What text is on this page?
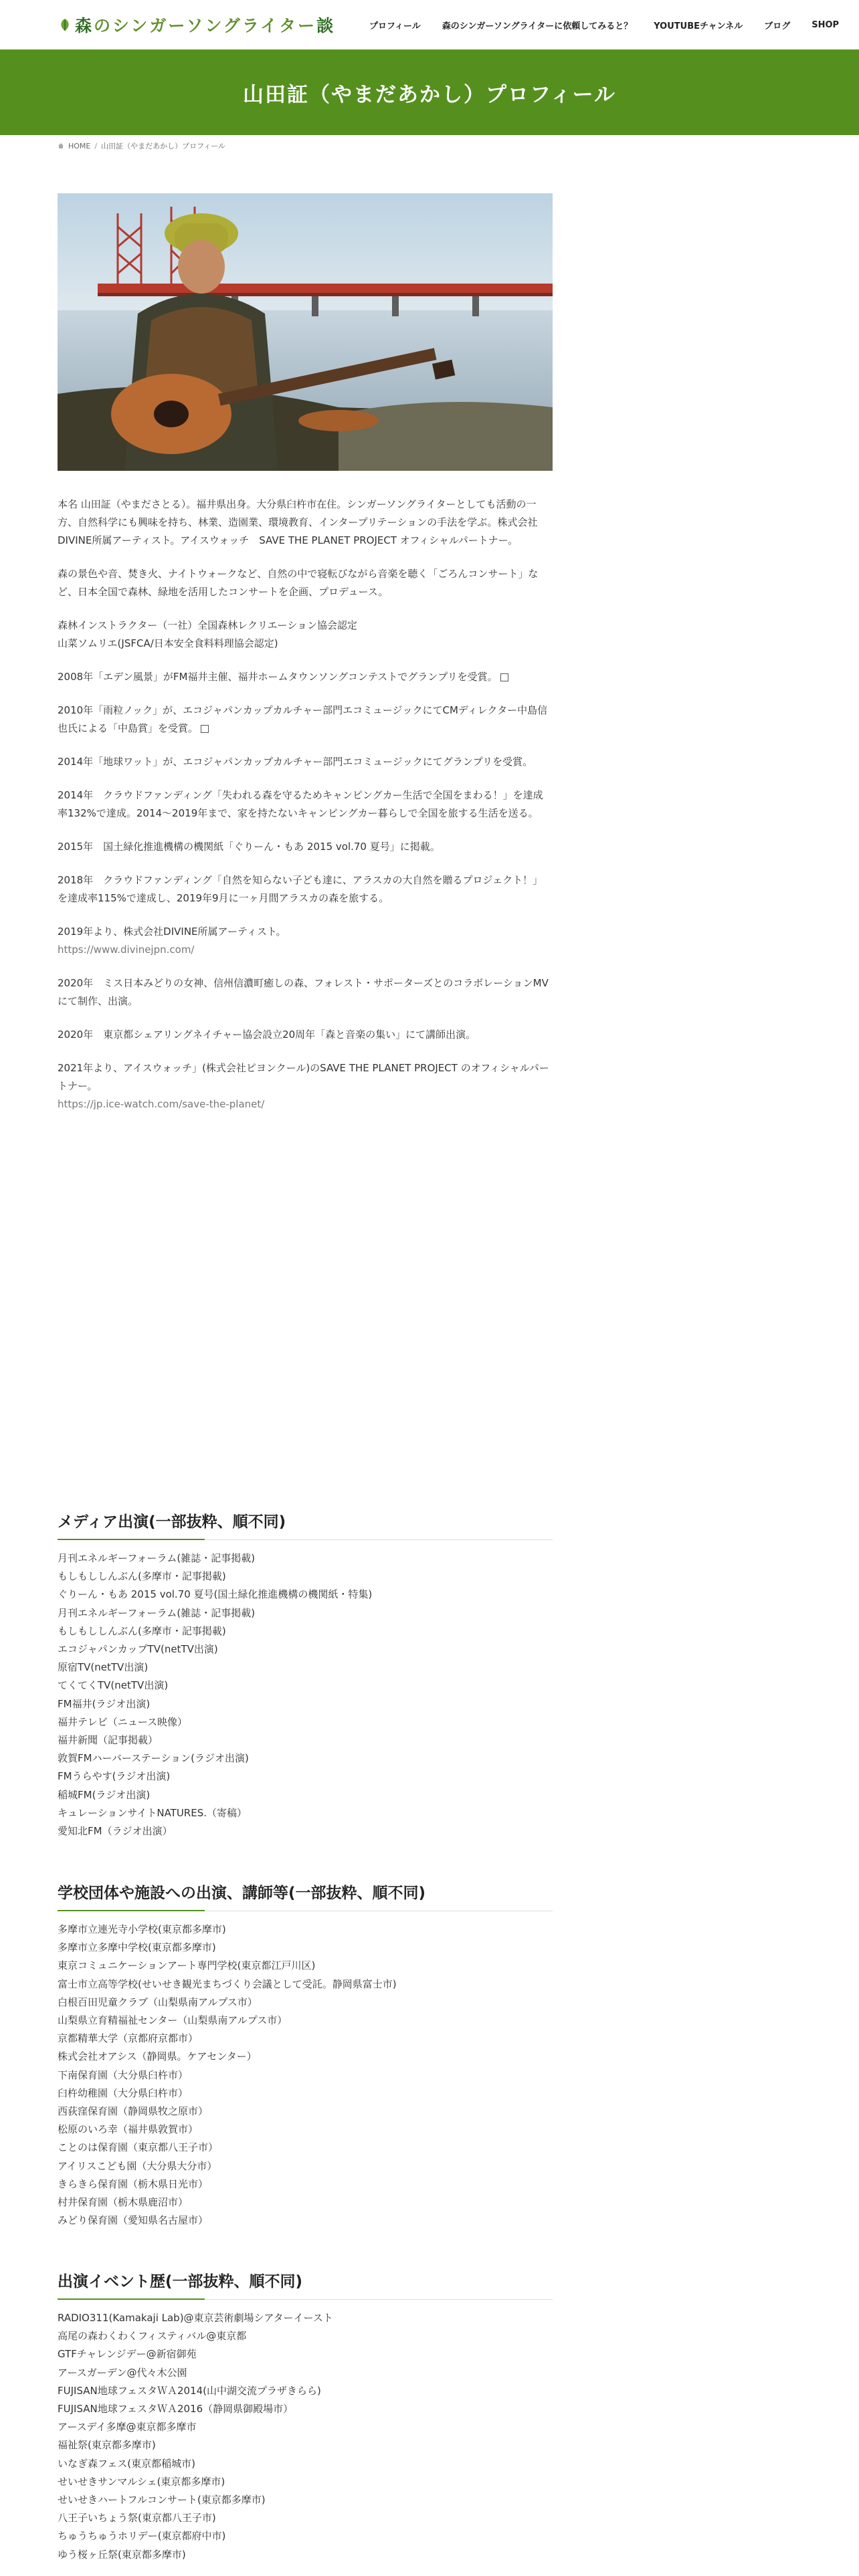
森のシンガーソングライター談	プロフィール 森のシンガーソングライターに依頼してみると？ YOUTUBEチャンネル ブログ SHOP
山田証（やまだあかし）プロフィール
HOME / 山田証（やまだあかし）プロフィール

本名 山田証（やまださとる）。福井県出身。大分県臼杵市在住。シンガーソングライターとしても活動の一方、自然科学にも興味を持ち、林業、造園業、環境教育、インタープリテーションの手法を学ぶ。株式会社DIVINE所属アーティスト。アイスウォッチ　SAVE THE PLANET PROJECT オフィシャルパートナー。

森の景色や音、焚き火、ナイトウォークなど、自然の中で寝転びながら音楽を聴く「ごろんコンサート」など、日本全国で森林、緑地を活用したコンサートを企画、プロデュース。

森林インストラクター（一社）全国森林レクリエーション協会認定
山菜ソムリエ(JSFCA/日本安全食料料理協会認定)

2008年「エデン風景」がFM福井主催、福井ホームタウンソングコンテストでグランプリを受賞。

2010年「雨粒ノック」が、エコジャパンカップカルチャー部門エコミュージックにてCMディレクター中島信也氏による「中島賞」を受賞。

2014年「地球ワット」が、エコジャパンカップカルチャー部門エコミュージックにてグランプリを受賞。

2014年　クラウドファンディング「失われる森を守るためキャンピングカー生活で全国をまわる！」を達成率132%で達成。2014〜2019年まで、家を持たないキャンピングカー暮らしで全国を旅する生活を送る。

2015年　国土緑化推進機構の機関紙「ぐりーん・もあ 2015 vol.70 夏号」に掲載。

2018年　クラウドファンディング「自然を知らない子ども達に、アラスカの大自然を贈るプロジェクト！」を達成率115%で達成し、2019年9月に一ヶ月間アラスカの森を旅する。

2019年より、株式会社DIVINE所属アーティスト。
https://www.divinejpn.com/

2020年　ミス日本みどりの女神、信州信濃町癒しの森、フォレスト・サポーターズとのコラボレーションMVにて制作、出演。

2020年　東京都シェアリングネイチャー協会設立20周年「森と音楽の集い」にて講師出演。

2021年より、アイスウォッチ」(株式会社ピヨンクール)のSAVE THE PLANET PROJECT のオフィシャルパートナー。
https://jp.ice-watch.com/save-the-planet/

メディア出演(一部抜粋、順不同)
月刊エネルギーフォーラム(雑誌・記事掲載)
もしもししんぶん(多摩市・記事掲載)
ぐりーん・もあ 2015 vol.70 夏号(国土緑化推進機構の機関紙・特集)
月刊エネルギーフォーラム(雑誌・記事掲載)
もしもししんぶん(多摩市・記事掲載)
エコジャパンカップTV(netTV出演)
原宿TV(netTV出演)
てくてくTV(netTV出演)
FM福井(ラジオ出演)
福井テレビ（ニュース映像）
福井新聞（記事掲載）
敦賀FMハーバーステーション(ラジオ出演)
FMうらやす(ラジオ出演)
稲城FM(ラジオ出演)
キュレーションサイトNATURES.（寄稿）
愛知北FM（ラジオ出演）
学校団体や施設への出演、講師等(一部抜粋、順不同)
多摩市立連光寺小学校(東京都多摩市)
多摩市立多摩中学校(東京都多摩市)
東京コミュニケーションアート専門学校(東京都江戸川区)
富士市立高等学校(せいせき観光まちづくり会議として受託。静岡県富士市)
白根百田児童クラブ（山梨県南アルプス市）
山梨県立育精福祉センター（山梨県南アルプス市）
京都精華大学（京都府京都市）
株式会社オアシス（静岡県。ケアセンター）
下南保育園（大分県臼杵市）
臼杵幼稚園（大分県臼杵市）
西荻窪保育園（静岡県牧之原市）
松原のいろ幸（福井県敦賀市）
ことのは保育園（東京都八王子市）
アイリスこども園（大分県大分市）
きらきら保育園（栃木県日光市）
村井保育園（栃木県鹿沼市）
みどり保育園（愛知県名古屋市）
出演イベント歴(一部抜粋、順不同)
RADIO311(Kamakaji Lab)@東京芸術劇場シアターイースト
高尾の森わくわくフィスティバル@東京都
GTFチャレンジデー@新宿御苑
アースガーデン@代々木公園
FUJISAN地球フェスタＷＡ2014(山中湖交流プラザきらら)
FUJISAN地球フェスタＷＡ2016（静岡県御殿場市）
アースデイ多摩@東京都多摩市
福祉祭(東京都多摩市)
いなぎ森フェス(東京都稲城市)
せいせきサンマルシェ(東京都多摩市)
せいせきハートフルコンサート(東京都多摩市)
八王子いちょう祭(東京都八王子市)
ちゅうちゅうホリデー(東京都府中市)
ゆう桜ヶ丘祭(東京都多摩市)
